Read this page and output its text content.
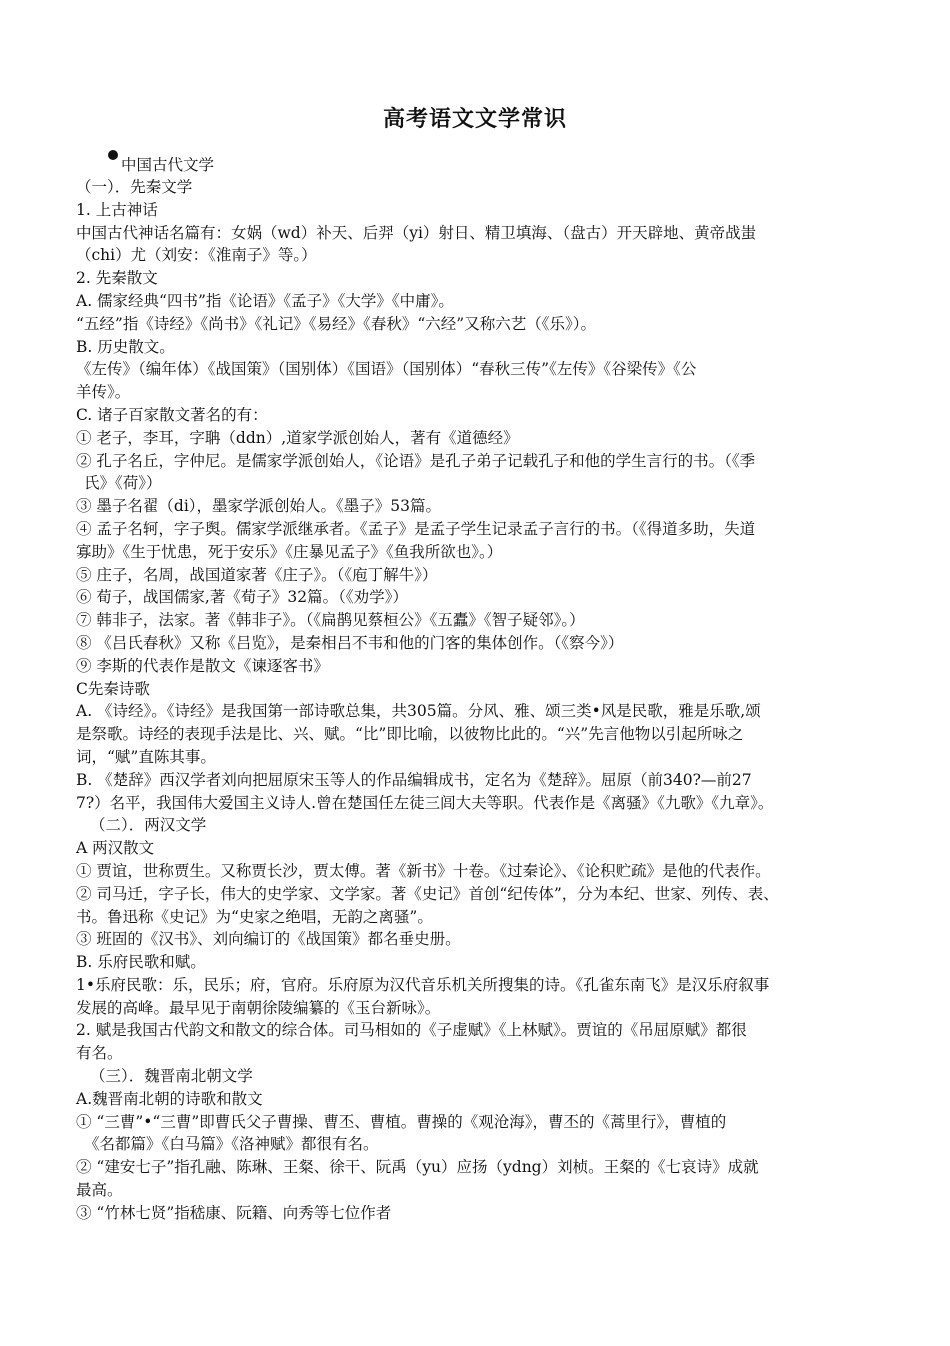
高考语文文学常识
中国古代文学
（一）．先秦文学
1. 上古神话
中国古代神话名篇有：女娲（wd）补天、后羿（yi）射日、精卫填海、（盘古）开天辟地、黄帝战蚩
（chi）尤（刘安：《淮南子》等。）
2. 先秦散文
A. 儒家经典“四书”指《论语》《孟子》《大学》《中庸》。
“五经”指《诗经》《尚书》《礼记》《易经》《春秋》“六经”又称六艺（《乐》）。
B. 历史散文。
《左传》（编年体）《战国策》（国别体）《国语》（国别体）“春秋三传”《左传》《谷梁传》《公
羊传》。
C. 诸子百家散文著名的有：
① 老子，李耳，字聃（ddn）,道家学派创始人，著有《道德经》
② 孔子名丘，字仲尼。是儒家学派创始人，《论语》是孔子弟子记载孔子和他的学生言行的书。（《季
氏》《荷》）
③ 墨子名翟（di），墨家学派创始人。《墨子》53篇。
④ 孟子名轲，字子舆。儒家学派继承者。《孟子》是孟子学生记录孟子言行的书。（《得道多助，失道
寡助》《生于忧患，死于安乐》《庄暴见孟子》《鱼我所欲也》。）
⑤ 庄子，名周，战国道家著《庄子》。（《庖丁解牛》）
⑥ 荀子，战国儒家,著《荀子》32篇。（《劝学》）
⑦ 韩非子，法家。著《韩非子》。（《扁鹊见蔡桓公》《五蠹》《智子疑邻》。）
⑧ 《吕氏春秋》又称《吕览》，是秦相吕不韦和他的门客的集体创作。（《察今》）
⑨ 李斯的代表作是散文《谏逐客书》
C先秦诗歌
A. 《诗经》。《诗经》是我国第一部诗歌总集，共305篇。分风、雅、颂三类•风是民歌，雅是乐歌,颂
是祭歌。诗经的表现手法是比、兴、赋。“比”即比喻，以彼物比此的。“兴”先言他物以引起所咏之
词，“赋”直陈其事。
B. 《楚辞》西汉学者刘向把屈原宋玉等人的作品编辑成书，定名为《楚辞》。屈原（前340?—前27
7?）名平，我国伟大爱国主义诗人.曾在楚国任左徒三闾大夫等职。代表作是《离骚》《九歌》《九章》。
（二）．两汉文学
A 两汉散文
① 贾谊，世称贾生。又称贾长沙，贾太傅。著《新书》十卷。《过秦论》、《论积贮疏》是他的代表作。
② 司马迁，字子长，伟大的史学家、文学家。著《史记》首创“纪传体”，分为本纪、世家、列传、表、
书。鲁迅称《史记》为“史家之绝唱，无韵之离骚”。
③ 班固的《汉书》、刘向编订的《战国策》都名垂史册。
B. 乐府民歌和赋。
1•乐府民歌：乐，民乐；府，官府。乐府原为汉代音乐机关所搜集的诗。《孔雀东南飞》是汉乐府叙事
发展的高峰。最早见于南朝徐陵编纂的《玉台新咏》。
2. 赋是我国古代韵文和散文的综合体。司马相如的《子虚赋》《上林赋》。贾谊的《吊屈原赋》都很
有名。
（三）．魏晋南北朝文学
A.魏晋南北朝的诗歌和散文
① “三曹”•“三曹”即曹氏父子曹操、曹丕、曹植。曹操的《观沧海》，曹丕的《蒿里行》，曹植的
《名都篇》《白马篇》《洛神赋》都很有名。
② “建安七子”指孔融、陈琳、王粲、徐干、阮禹（yu）应扬（ydng）刘桢。王粲的《七哀诗》成就
最高。
③ “竹林七贤”指嵇康、阮籍、向秀等七位作者
